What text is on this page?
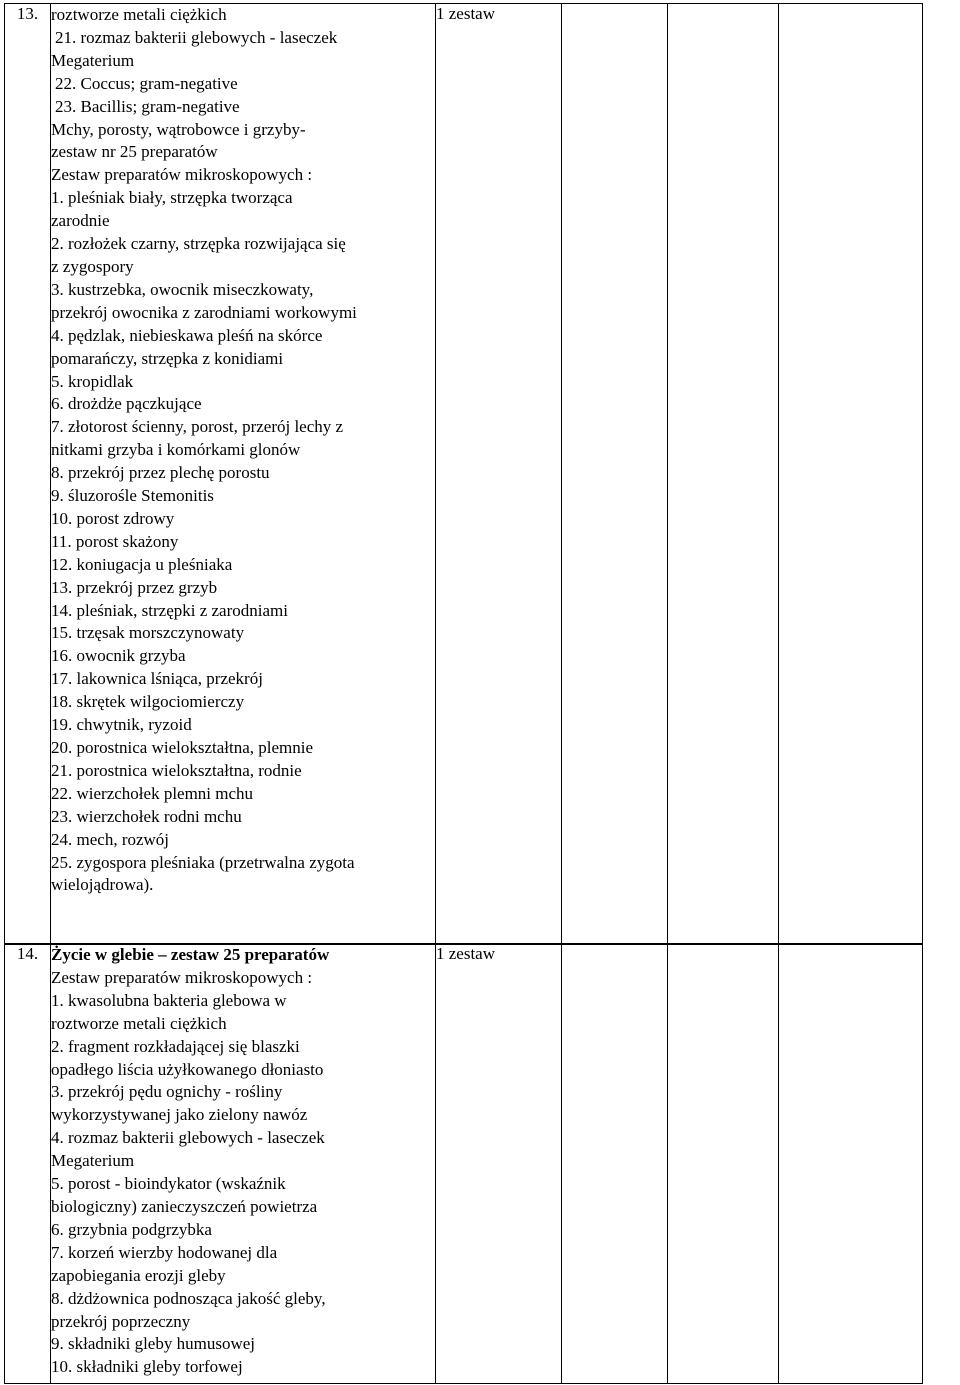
13.	roztworze metali ciężkich
21. rozmaz bakterii glebowych - laseczek
Megaterium
22. Coccus; gram-negative
23. Bacillis; gram-negative
Mchy, porosty, wątrobowce i grzyby-
zestaw nr 25 preparatów
Zestaw preparatów mikroskopowych :
1. pleśniak biały, strzępka tworząca
zarodnie
2. rozłożek czarny, strzępka rozwijająca się
z zygospory
3. kustrzebka, owocnik miseczkowaty,
przekrój owocnika z zarodniami workowymi
4. pędzlak, niebieskawa pleśń na skórce
pomarańczy, strzępka z konidiami
5. kropidlak
6. drożdże pączkujące
7. złotorost ścienny, porost, przerój lechy z
nitkami grzyba i komórkami glonów
8. przekrój przez plechę porostu
9. śluzorośle Stemonitis
10. porost zdrowy
11. porost skażony
12. koniugacja u pleśniaka
13. przekrój przez grzyb
14. pleśniak, strzępki z zarodniami
15. trzęsak morszczynowaty
16. owocnik grzyba
17. lakownica lśniąca, przekrój
18. skrętek wilgociomierczy
19. chwytnik, ryzoid
20. porostnica wielokształtna, plemnie
21. porostnica wielokształtna, rodnie
22. wierzchołek plemni mchu
23. wierzchołek rodni mchu
24. mech, rozwój
25. zygospora pleśniaka (przetrwalna zygota
wielojądrowa).
	1 zestaw			
14.	Życie w glebie – zestaw 25 preparatów
Zestaw preparatów mikroskopowych :
1. kwasolubna bakteria glebowa w
roztworze metali ciężkich
2. fragment rozkładającej się blaszki
opadłego liścia użyłkowanego dłoniasto
3. przekrój pędu ognichy - rośliny
wykorzystywanej jako zielony nawóz
4. rozmaz bakterii glebowych - laseczek
Megaterium
5. porost - bioindykator (wskaźnik
biologiczny) zanieczyszczeń powietrza
6. grzybnia podgrzybka
7. korzeń wierzby hodowanej dla
zapobiegania erozji gleby
8. dżdżownica podnosząca jakość gleby,
przekrój poprzeczny
9. składniki gleby humusowej
10. składniki gleby torfowej
	1 zestaw			
